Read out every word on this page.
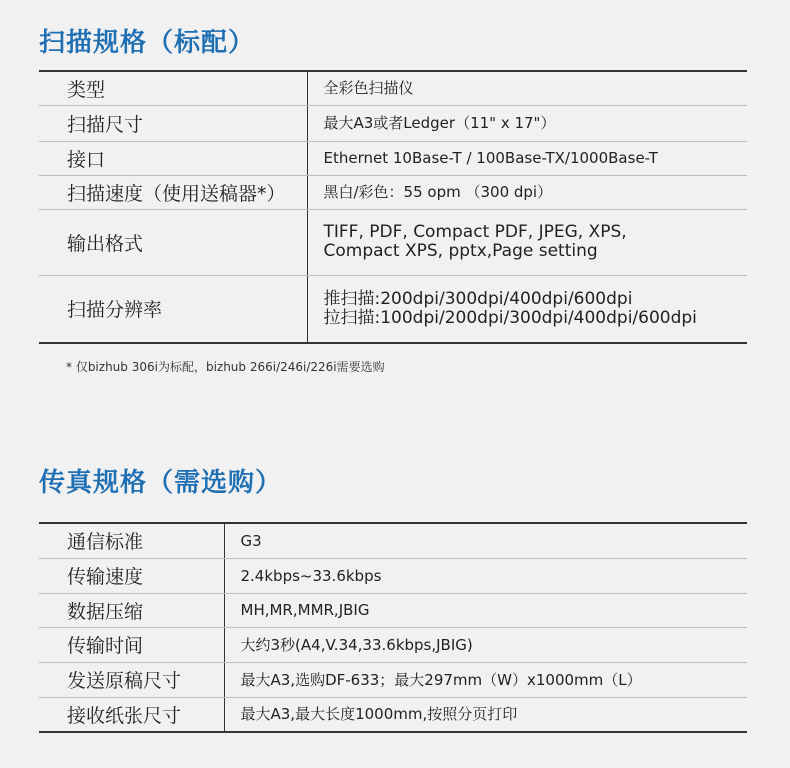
扫描规格（标配）
类型	全彩色扫描仪
扫描尺寸	最大A3或者Ledger（11" x 17"）
接口	Ethernet 10Base-T / 100Base-TX/1000Base-T
扫描速度（使用送稿器*）	黑白/彩色：55 opm （300 dpi）
输出格式	TIFF, PDF, Compact PDF, JPEG, XPS,
Compact XPS, pptx,Page setting

扫描分辨率	推扫描:200dpi/300dpi/400dpi/600dpi
拉扫描:100dpi/200dpi/300dpi/400dpi/600dpi
* 仅bizhub 306i为标配，bizhub 266i/246i/226i需要选购
传真规格（需选购）
通信标准	G3
传输速度	2.4kbps~33.6kbps
数据压缩	MH,MR,MMR,JBIG
传输时间	大约3秒(A4,V.34,33.6kbps,JBIG)
发送原稿尺寸	最大A3,选购DF-633；最大297mm（W）x1000mm（L）
接收纸张尺寸	最大A3,最大长度1000mm,按照分页打印
